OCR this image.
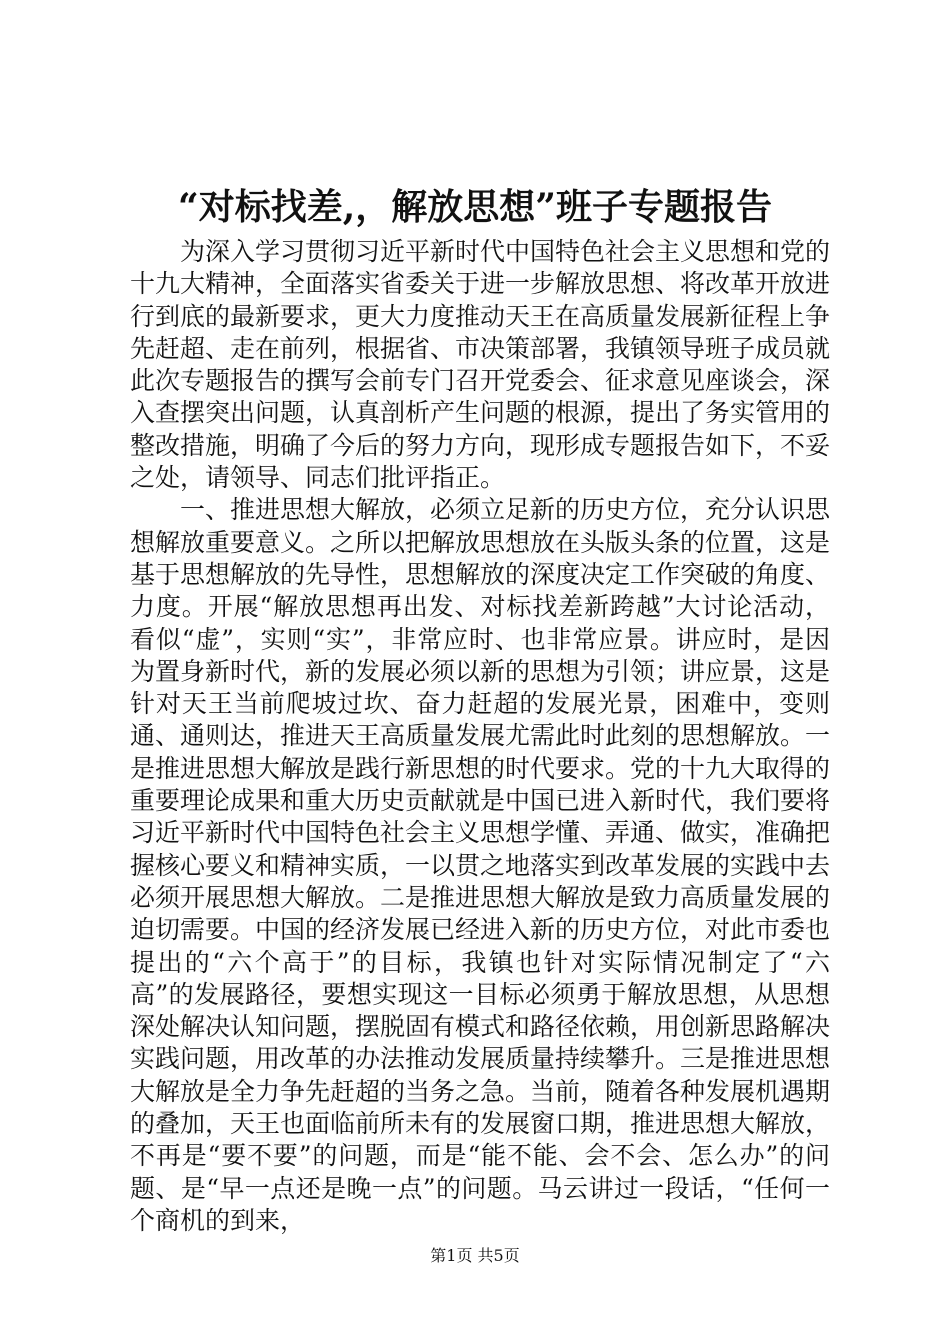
“对标找差,，解放思想”班子专题报告

为深入学习贯彻习近平新时代中国特色社会主义思想和党的十九大精神，全面落实省委关于进一步解放思想、将改革开放进行到底的最新要求，更大力度推动天王在高质量发展新征程上争先赶超、走在前列，根据省、市决策部署，我镇领导班子成员就此次专题报告的撰写会前专门召开党委会、征求意见座谈会，深入查摆突出问题，认真剖析产生问题的根源，提出了务实管用的整改措施，明确了今后的努力方向，现形成专题报告如下，不妥之处，请领导、同志们批评指正。

一、推进思想大解放，必须立足新的历史方位，充分认识思想解放重要意义。之所以把解放思想放在头版头条的位置，这是基于思想解放的先导性，思想解放的深度决定工作突破的角度、力度。开展“解放思想再出发、对标找差新跨越”大讨论活动，看似“虚”，实则“实”，非常应时、也非常应景。讲应时，是因为置身新时代，新的发展必须以新的思想为引领；讲应景，这是针对天王当前爬坡过坎、奋力赶超的发展光景，困难中，变则通、通则达，推进天王高质量发展尤需此时此刻的思想解放。一是推进思想大解放是践行新思想的时代要求。党的十九大取得的重要理论成果和重大历史贡献就是中国已进入新时代，我们要将习近平新时代中国特色社会主义思想学懂、弄通、做实，准确把握核心要义和精神实质，一以贯之地落实到改革发展的实践中去必须开展思想大解放。二是推进思想大解放是致力高质量发展的迫切需要。中国的经济发展已经进入新的历史方位，对此市委也提出的“六个高于”的目标，我镇也针对实际情况制定了“六高”的发展路径，要想实现这一目标必须勇于解放思想，从思想深处解决认知问题，摆脱固有模式和路径依赖，用创新思路解决实践问题，用改革的办法推动发展质量持续攀升。三是推进思想大解放是全力争先赶超的当务之急。当前，随着各种发展机遇期的叠加，天王也面临前所未有的发展窗口期，推进思想大解放，不再是“要不要”的问题，而是“能不能、会不会、怎么办”的问题、是“早一点还是晚一点”的问题。马云讲过一段话，“任何一个商机的到来，

第1页 共5页
